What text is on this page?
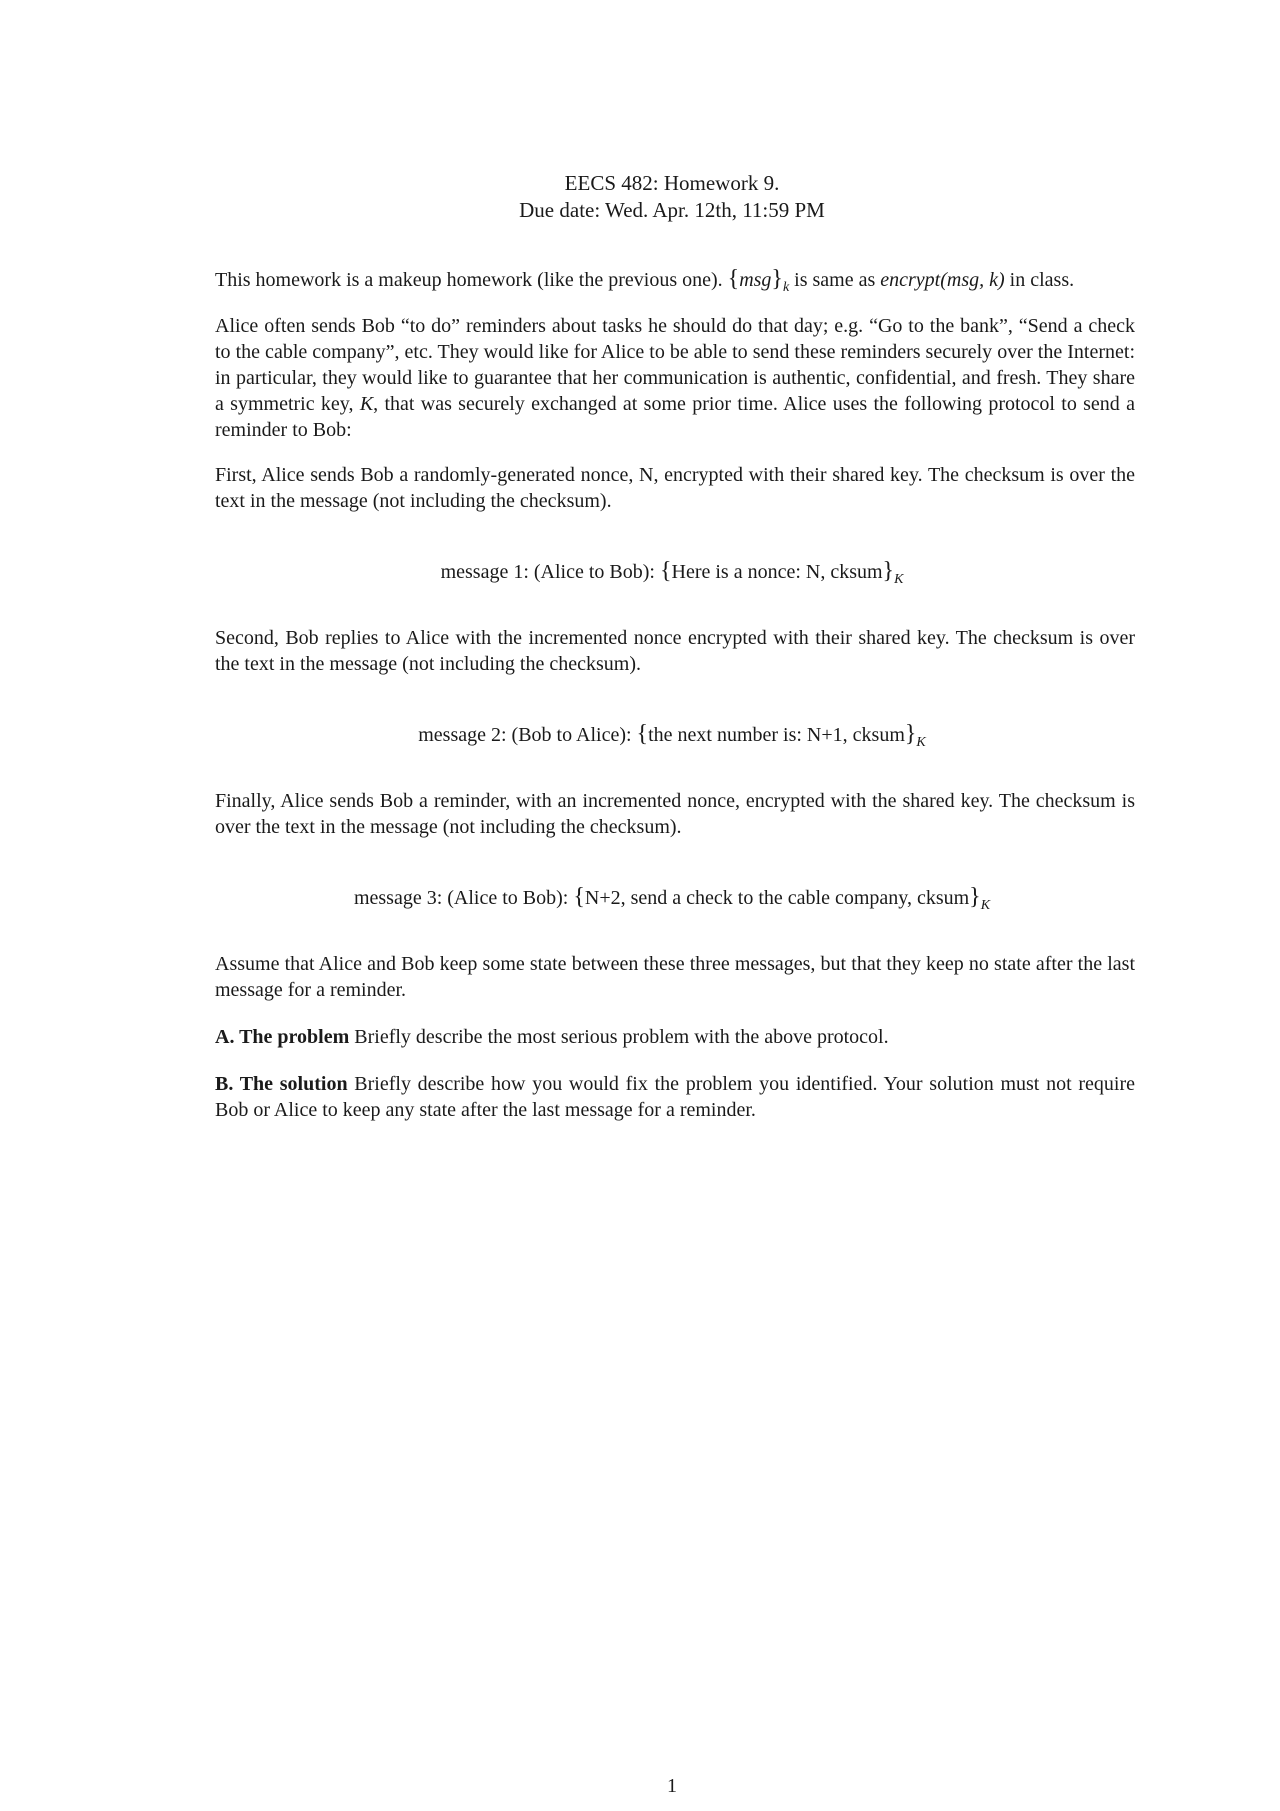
EECS 482: Homework 9.
Due date: Wed. Apr. 12th, 11:59 PM

This homework is a makeup homework (like the previous one). $\{msg\}_k$ is same as encrypt(msg, k) in class.

Alice often sends Bob “to do” reminders about tasks he should do that day; e.g. “Go to the bank”, “Send a check to the cable company”, etc. They would like for Alice to be able to send these reminders securely over the Internet: in particular, they would like to guarantee that her communication is authentic, confidential, and fresh. They share a symmetric key, K, that was securely exchanged at some prior time. Alice uses the following protocol to send a reminder to Bob:

First, Alice sends Bob a randomly-generated nonce, N, encrypted with their shared key. The checksum is over the text in the message (not including the checksum).

message 1: (Alice to Bob): {Here is a nonce: N, $cksum\}_K$

Second, Bob replies to Alice with the incremented nonce encrypted with their shared key. The checksum is over the text in the message (not including the checksum).

message 2: (Bob to Alice): {the next number is: N+1, $cksum\}_K$

Finally, Alice sends Bob a reminder, with an incremented nonce, encrypted with the shared key. The checksum is over the text in the message (not including the checksum).

message 3: (Alice to Bob): {N+2, send a check to the cable company, $cksum\}_K$

Assume that Alice and Bob keep some state between these three messages, but that they keep no state after the last message for a reminder.

A. The problem Briefly describe the most serious problem with the above protocol.

B. The solution Briefly describe how you would fix the problem you identified. Your solution must not require Bob or Alice to keep any state after the last message for a reminder.

1
